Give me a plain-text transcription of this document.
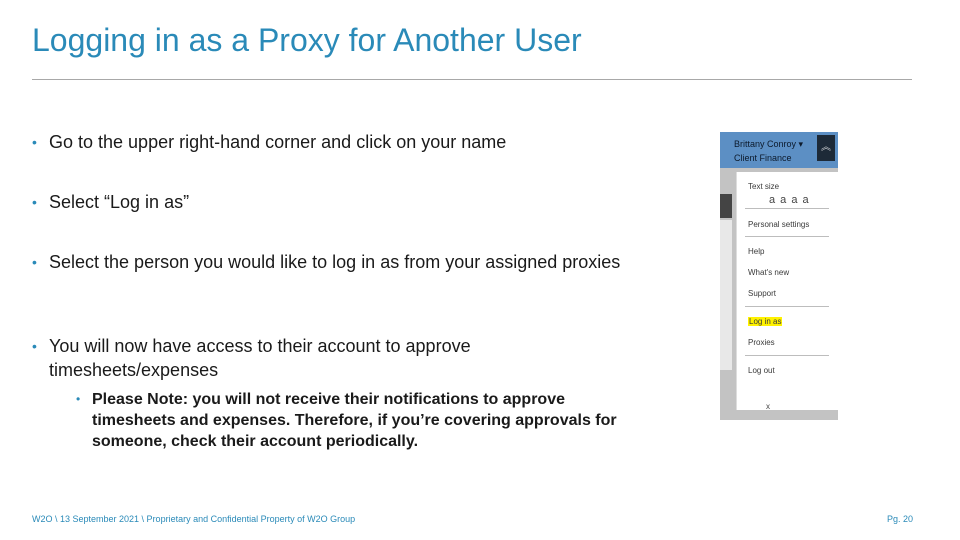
Logging in as a Proxy for Another User
• Go to the upper right-hand corner and click on your name
• Select “Log in as”
• Select the person you would like to log in as from your assigned proxies
• You will now have access to their account to approve timesheets/expenses
• Please Note: you will not receive their notifications to approve timesheets and expenses. Therefore, if you’re covering approvals for someone, check their account periodically.
Brittany Conroy ▾
Client Finance
︽
Text size
a a a a
Personal settings
Help
What's new
Support
Log in as
Proxies
Log out
x
W2O \ 13 September 2021 \ Proprietary and Confidential Property of W2O Group	Pg. 20
